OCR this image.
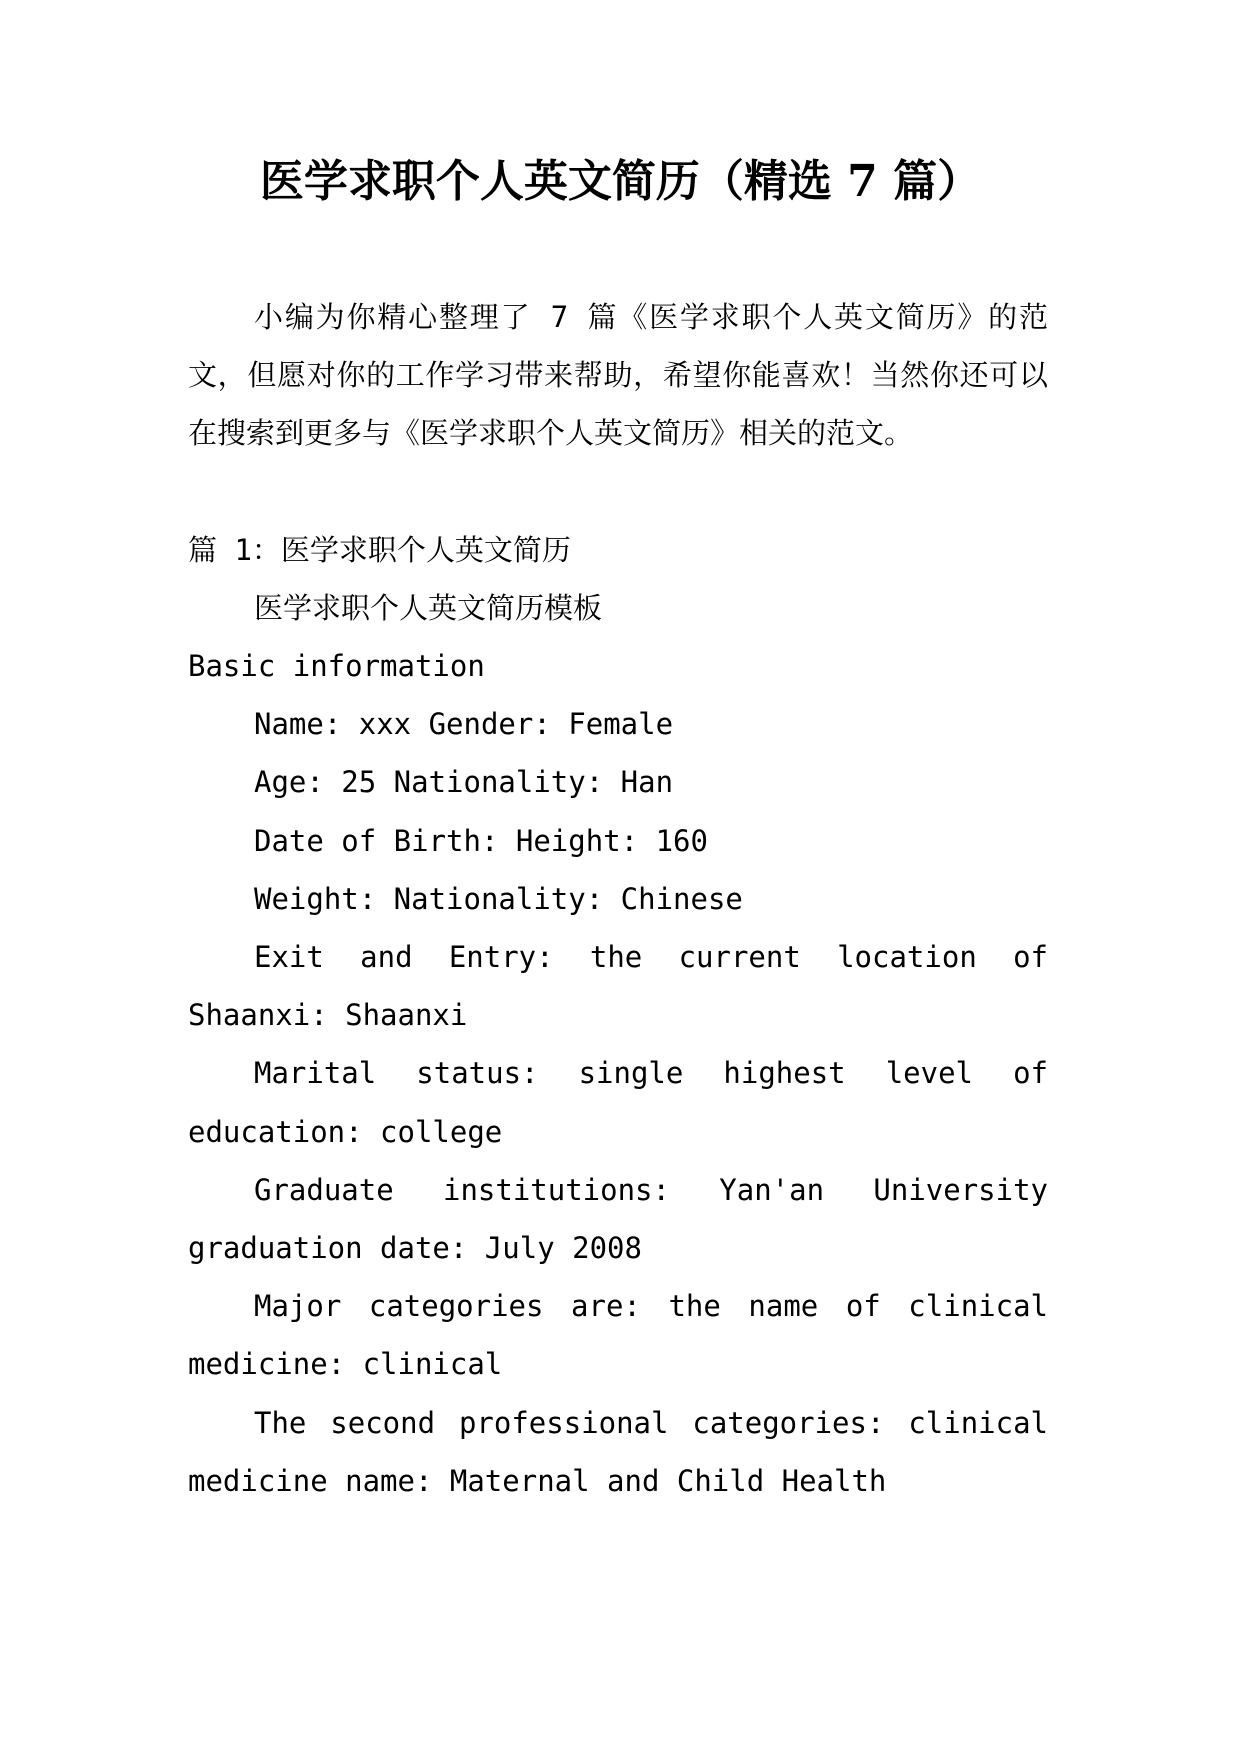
医学求职个人英文简历（精选 7 篇）

小编为你精心整理了 7 篇《医学求职个人英文简历》的范文，但愿对你的工作学习带来帮助，希望你能喜欢！当然你还可以在搜索到更多与《医学求职个人英文简历》相关的范文。

篇 1：医学求职个人英文简历

医学求职个人英文简历模板

Basic information

Name: xxx Gender: Female

Age: 25 Nationality: Han

Date of Birth: Height: 160

Weight: Nationality: Chinese

Exit and Entry: the current location of Shaanxi: Shaanxi

Marital status: single highest level of education: college

Graduate institutions: Yan'an University graduation date: July 2008

Major categories are: the name of clinical medicine: clinical

The second professional categories: clinical medicine name: Maternal and Child Health
